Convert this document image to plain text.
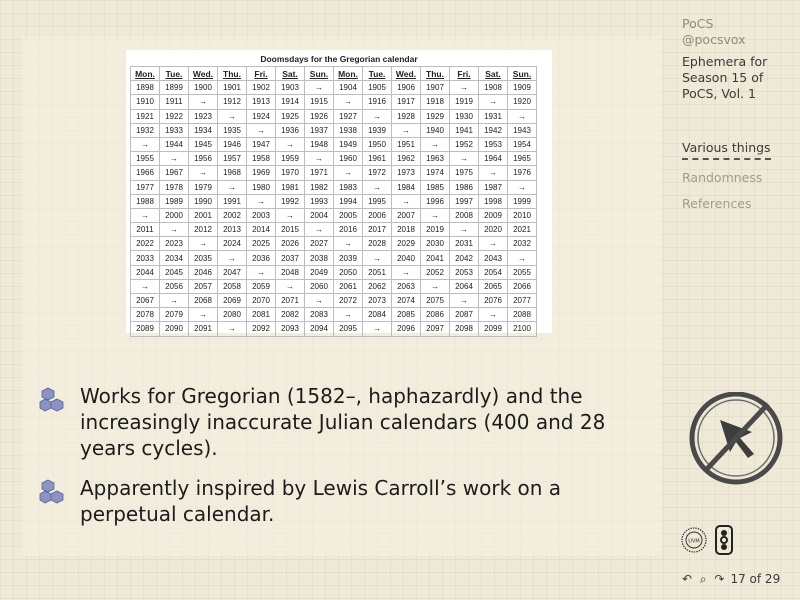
Doomsdays for the Gregorian calendar
Mon.	Tue.	Wed.	Thu.	Fri.	Sat.	Sun.	Mon.	Tue.	Wed.	Thu.	Fri.	Sat.	Sun.
1898	1899	1900	1901	1902	1903	→	1904	1905	1906	1907	→	1908	1909
1910	1911	→	1912	1913	1914	1915	→	1916	1917	1918	1919	→	1920
1921	1922	1923	→	1924	1925	1926	1927	→	1928	1929	1930	1931	→
1932	1933	1934	1935	→	1936	1937	1938	1939	→	1940	1941	1942	1943
→	1944	1945	1946	1947	→	1948	1949	1950	1951	→	1952	1953	1954
1955	→	1956	1957	1958	1959	→	1960	1961	1962	1963	→	1964	1965
1966	1967	→	1968	1969	1970	1971	→	1972	1973	1974	1975	→	1976
1977	1978	1979	→	1980	1981	1982	1983	→	1984	1985	1986	1987	→
1988	1989	1990	1991	→	1992	1993	1994	1995	→	1996	1997	1998	1999
→	2000	2001	2002	2003	→	2004	2005	2006	2007	→	2008	2009	2010
2011	→	2012	2013	2014	2015	→	2016	2017	2018	2019	→	2020	2021
2022	2023	→	2024	2025	2026	2027	→	2028	2029	2030	2031	→	2032
2033	2034	2035	→	2036	2037	2038	2039	→	2040	2041	2042	2043	→
2044	2045	2046	2047	→	2048	2049	2050	2051	→	2052	2053	2054	2055
→	2056	2057	2058	2059	→	2060	2061	2062	2063	→	2064	2065	2066
2067	→	2068	2069	2070	2071	→	2072	2073	2074	2075	→	2076	2077
2078	2079	→	2080	2081	2082	2083	→	2084	2085	2086	2087	→	2088
2089	2090	2091	→	2092	2093	2094	2095	→	2096	2097	2098	2099	2100
Works for Gregorian (1582–, haphazardly) and the increasingly inaccurate Julian calendars (400 and 28 years cycles).
Apparently inspired by Lewis Carroll’s work on a perpetual calendar.
PoCS
@pocsvox
Ephemera for Season 15 of PoCS, Vol. 1
Various things
Randomness
References
UVM
↶ ⌕ ↷ 17 of 29
